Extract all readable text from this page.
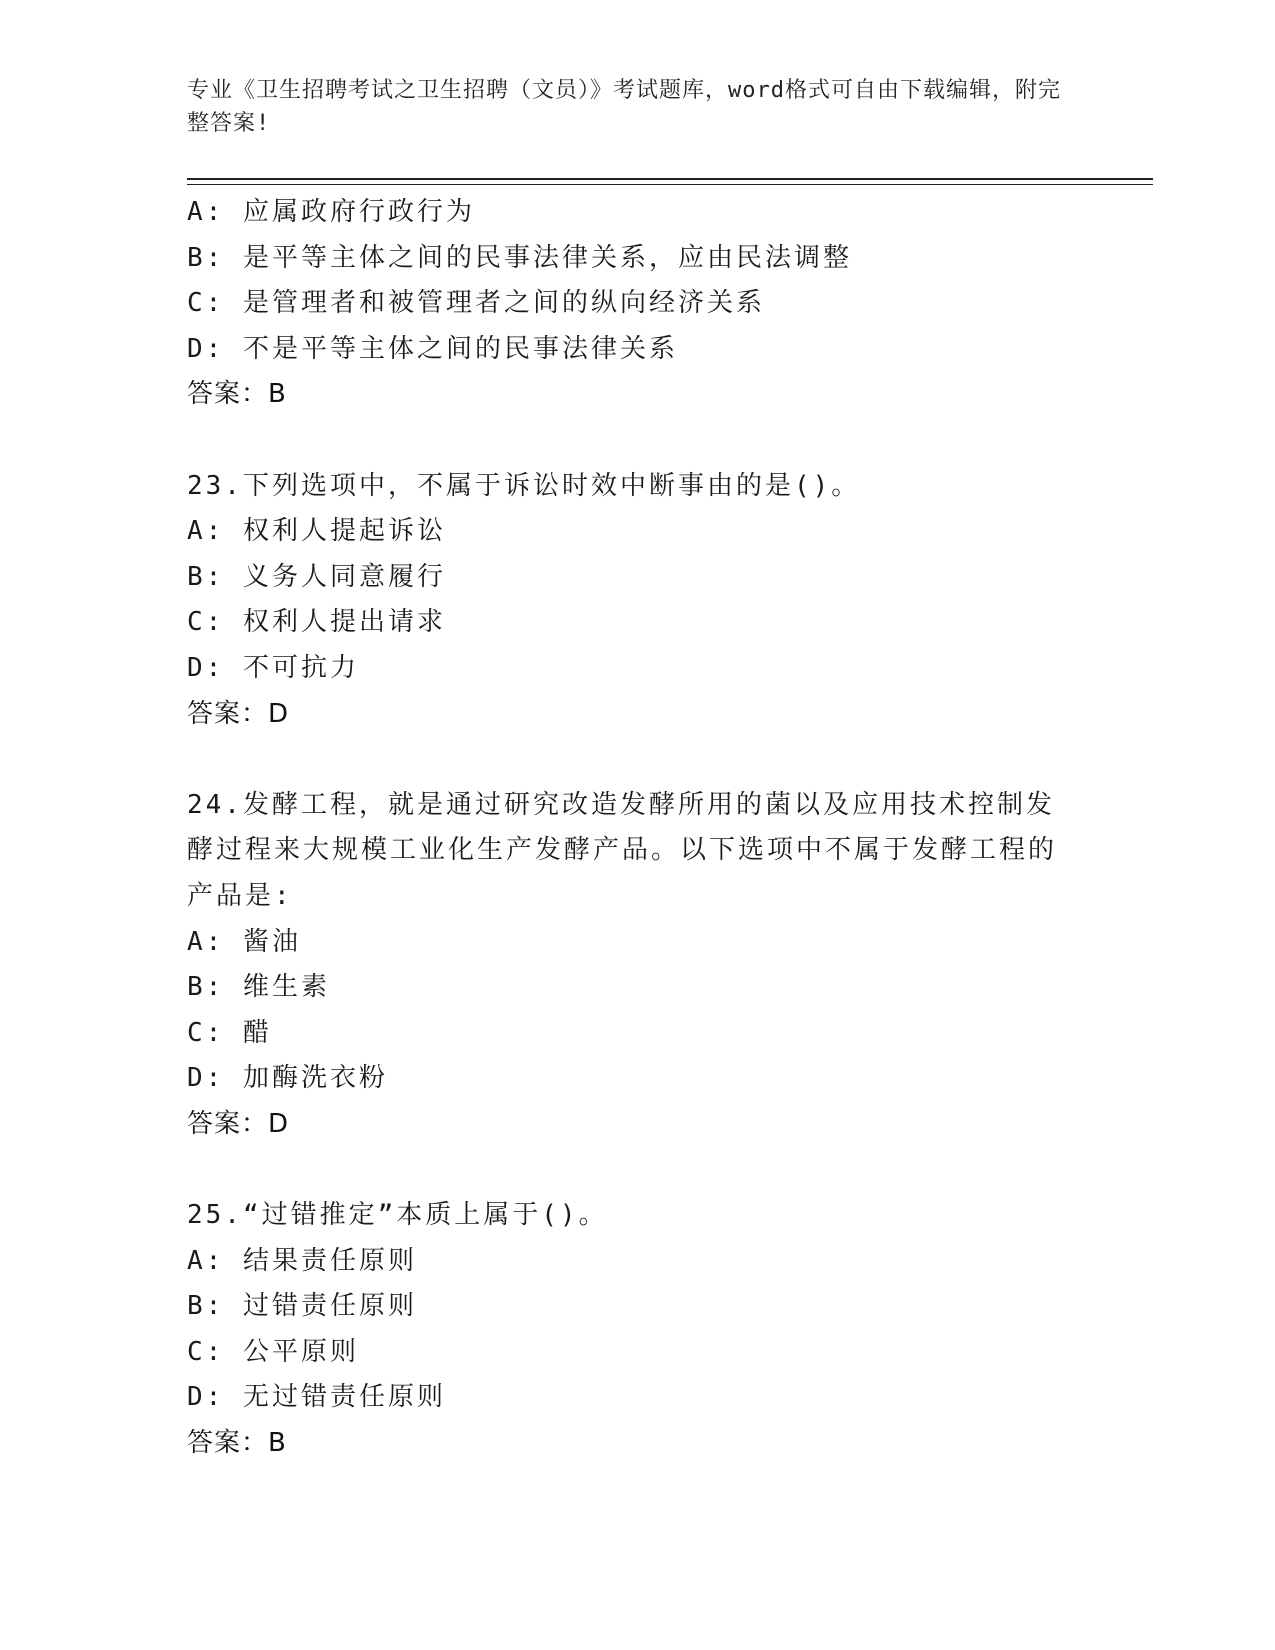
专业《卫生招聘考试之卫生招聘（文员）》考试题库，word格式可自由下载编辑，附完整答案!
A: 应属政府行政行为
B: 是平等主体之间的民事法律关系，应由民法调整
C: 是管理者和被管理者之间的纵向经济关系
D: 不是平等主体之间的民事法律关系
答案：B
23.下列选项中，不属于诉讼时效中断事由的是()。
A: 权利人提起诉讼
B: 义务人同意履行
C: 权利人提出请求
D: 不可抗力
答案：D
24.发酵工程，就是通过研究改造发酵所用的菌以及应用技术控制发酵过程来大规模工业化生产发酵产品。以下选项中不属于发酵工程的产品是:
A: 酱油
B: 维生素
C: 醋
D: 加酶洗衣粉
答案：D
25.“过错推定”本质上属于()。
A: 结果责任原则
B: 过错责任原则
C: 公平原则
D: 无过错责任原则
答案：B
